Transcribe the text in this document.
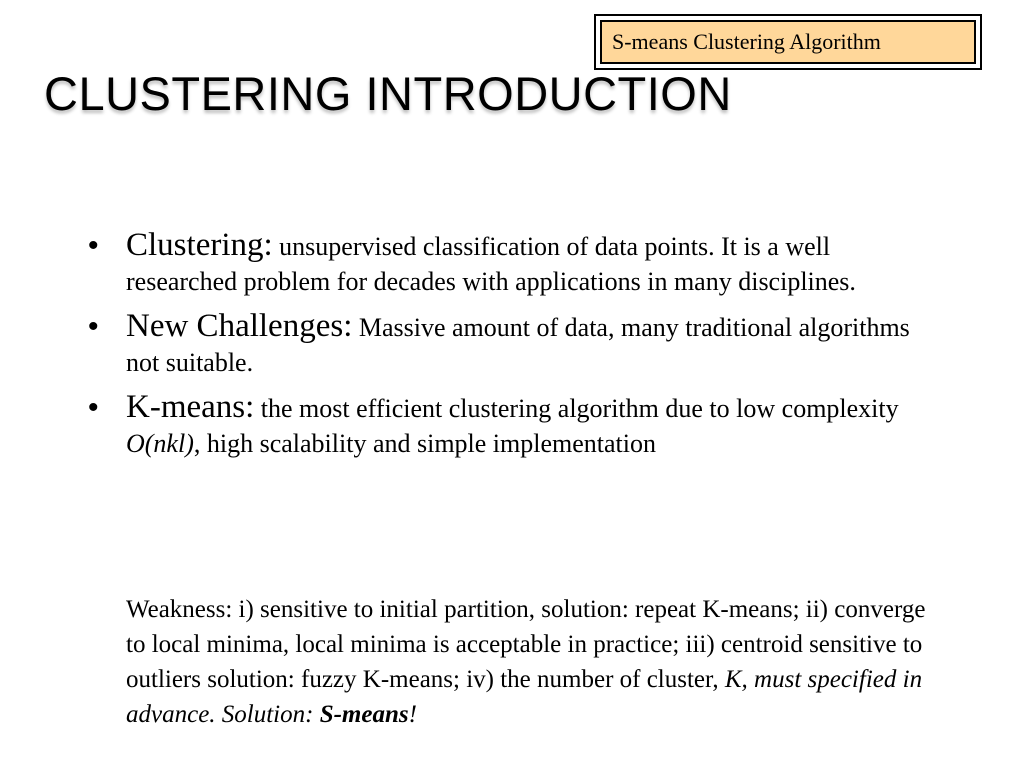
S-means Clustering Algorithm
CLUSTERING INTRODUCTION
• Clustering: unsupervised classification of data points. It is a well researched problem for decades with applications in many disciplines.
• New Challenges: Massive amount of data, many traditional algorithms not suitable.
• K-means: the most efficient clustering algorithm due to low complexity O(nkl), high scalability and simple implementation

Weakness: i) sensitive to initial partition, solution: repeat K-means; ii) converge to local minima, local minima is acceptable in practice; iii) centroid sensitive to outliers solution: fuzzy K-means; iv) the number of cluster, K, must specified in advance. Solution: S-means!
